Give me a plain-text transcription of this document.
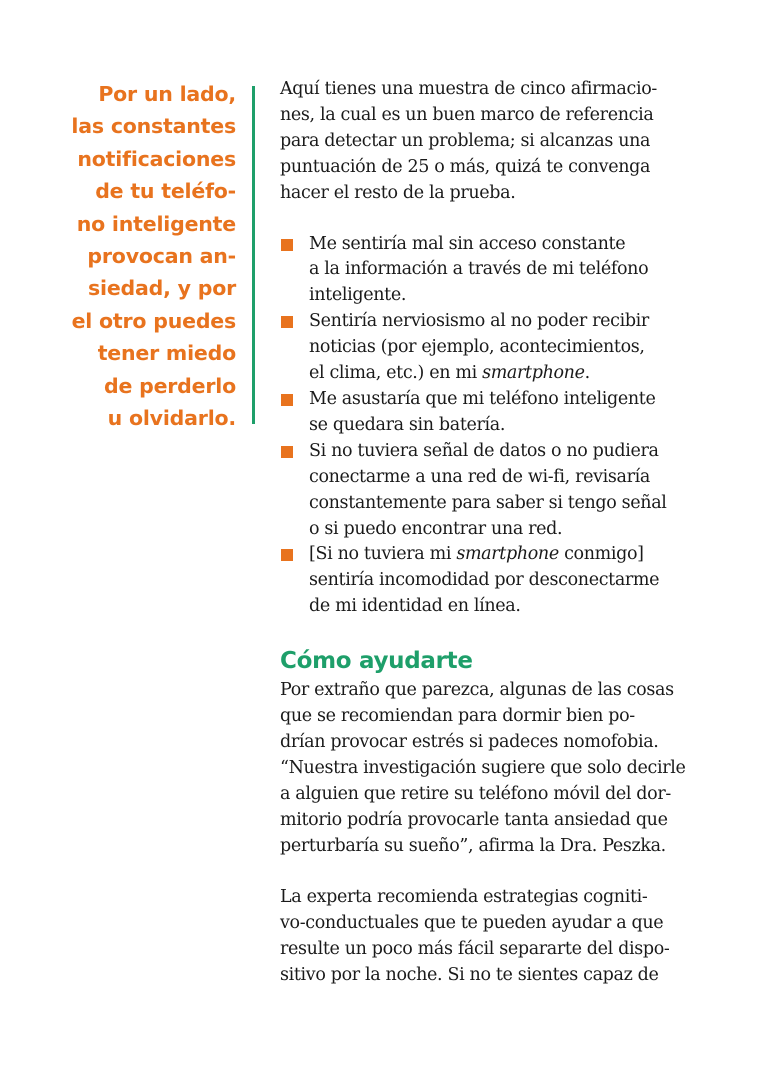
Por un lado,
las constantes
notificaciones
de tu teléfo-
no inteligente
provocan an-
siedad, y por
el otro puedes
tener miedo
de perderlo
u olvidarlo.

Aquí tienes una muestra de cinco afirmacio-
nes, la cual es un buen marco de referencia
para detectar un problema; si alcanzas una
puntuación de 25 o más, quizá te convenga
hacer el resto de la prueba.

Me sentiría mal sin acceso constante
a la información a través de mi teléfono
inteligente.
Sentiría nerviosismo al no poder recibir
noticias (por ejemplo, acontecimientos,
el clima, etc.) en mi smartphone.
Me asustaría que mi teléfono inteligente
se quedara sin batería.
Si no tuviera señal de datos o no pudiera
conectarme a una red de wi-fi, revisaría
constantemente para saber si tengo señal
o si puedo encontrar una red.
[Si no tuviera mi smartphone conmigo]
sentiría incomodidad por desconectarme
de mi identidad en línea.
Cómo ayudarte

Por extraño que parezca, algunas de las cosas
que se recomiendan para dormir bien po-
drían provocar estrés si padeces nomofobia.
“Nuestra investigación sugiere que solo decirle
a alguien que retire su teléfono móvil del dor-
mitorio podría provocarle tanta ansiedad que
perturbaría su sueño”, afirma la Dra. Peszka.

La experta recomienda estrategias cogniti-
vo-conductuales que te pueden ayudar a que
resulte un poco más fácil separarte del dispo-
sitivo por la noche. Si no te sientes capaz de
